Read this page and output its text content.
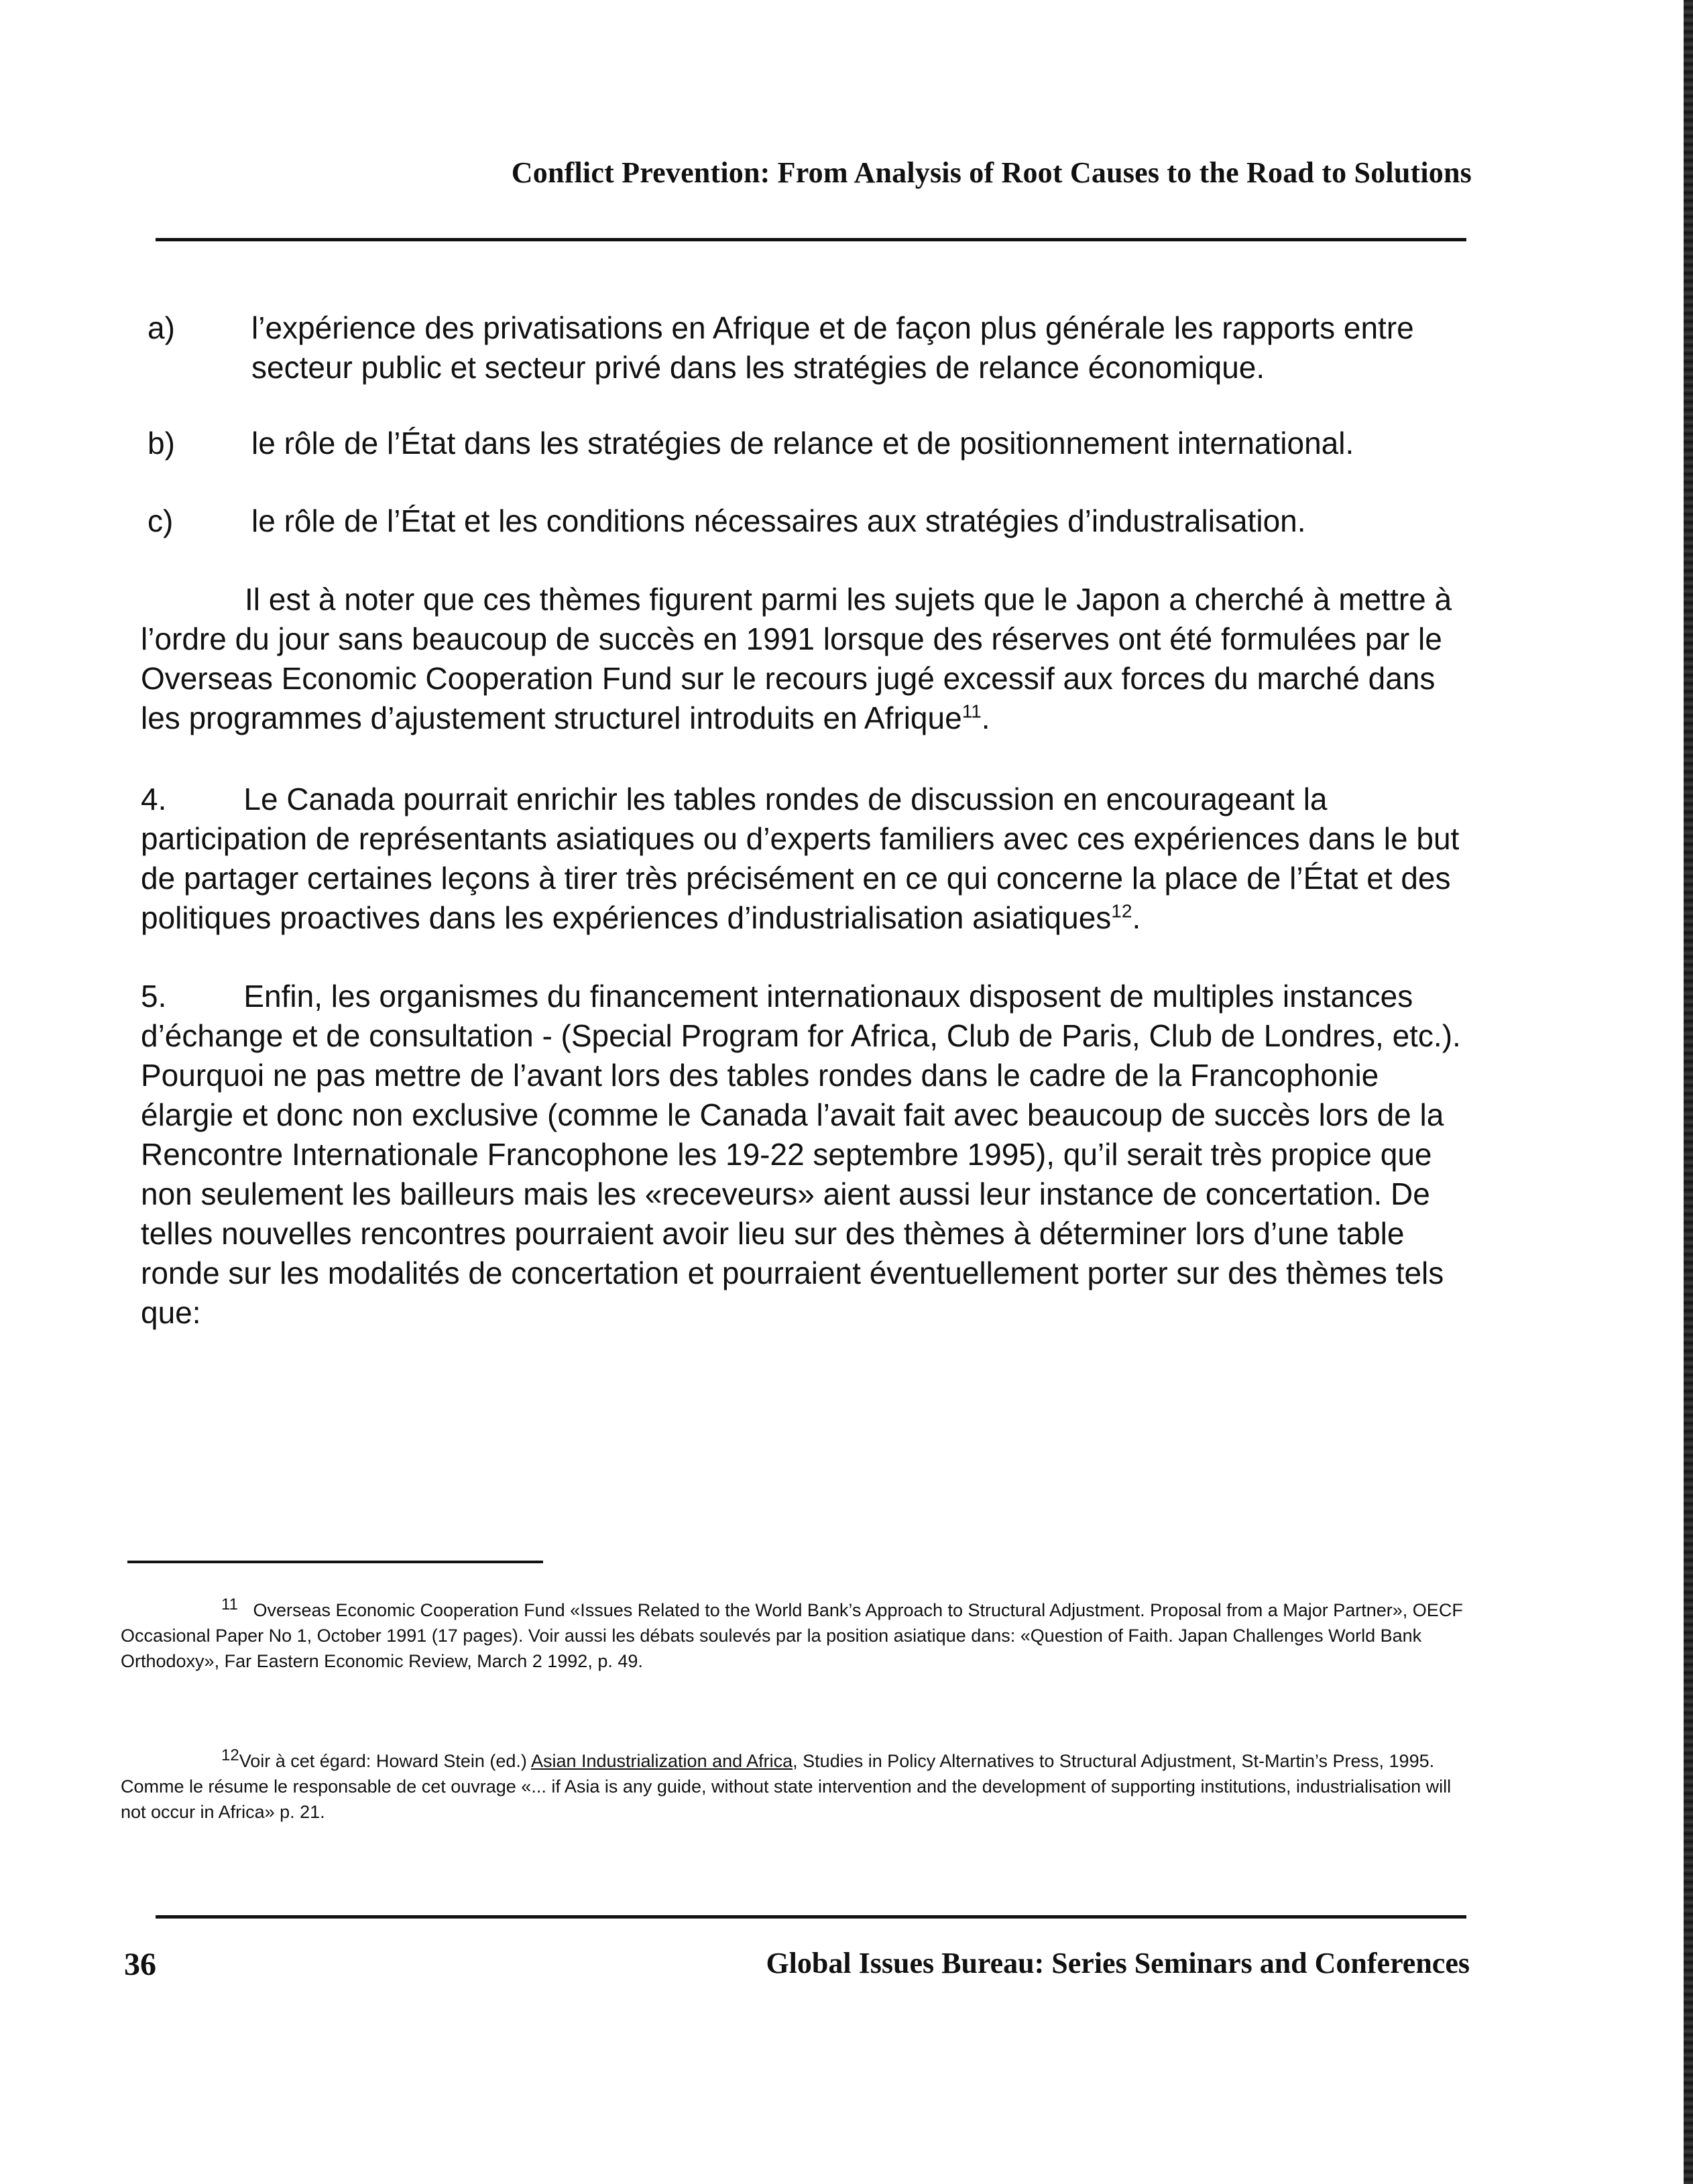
Conflict Prevention: From Analysis of Root Causes to the Road to Solutions
a)	l’expérience des privatisations en Afrique et de façon plus générale les rapports entre secteur public et secteur privé dans les stratégies de relance économique.
b)	le rôle de l’État dans les stratégies de relance et de positionnement international.
c)	le rôle de l’État et les conditions nécessaires aux stratégies d’industralisation.
Il est à noter que ces thèmes figurent parmi les sujets que le Japon a cherché à mettre à l’ordre du jour sans beaucoup de succès en 1991 lorsque des réserves ont été formulées par le Overseas Economic Cooperation Fund sur le recours jugé excessif aux forces du marché dans les programmes d’ajustement structurel introduits en Afrique$^{11}$.
4.	Le Canada pourrait enrichir les tables rondes de discussion en encourageant la participation de représentants asiatiques ou d’experts familiers avec ces expériences dans le but de partager certaines leçons à tirer très précisément en ce qui concerne la place de l’État et des politiques proactives dans les expériences d’industrialisation asiatiques$^{12}$.
5.	Enfin, les organismes du financement internationaux disposent de multiples instances d’échange et de consultation - (Special Program for Africa, Club de Paris, Club de Londres, etc.). Pourquoi ne pas mettre de l’avant lors des tables rondes dans le cadre de la Francophonie élargie et donc non exclusive (comme le Canada l’avait fait avec beaucoup de succès lors de la Rencontre Internationale Francophone les 19-22 septembre 1995), qu’il serait très propice que non seulement les bailleurs mais les «receveurs» aient aussi leur instance de concertation. De telles nouvelles rencontres pourraient avoir lieu sur des thèmes à déterminer lors d’une table ronde sur les modalités de concertation et pourraient éventuellement porter sur des thèmes tels que:
11 Overseas Economic Cooperation Fund «Issues Related to the World Bank’s Approach to Structural Adjustment. Proposal from a Major Partner», OECF Occasional Paper No 1, October 1991 (17 pages). Voir aussi les débats soulevés par la position asiatique dans: «Question of Faith. Japan Challenges World Bank Orthodoxy», Far Eastern Economic Review, March 2 1992, p. 49.
12Voir à cet égard: Howard Stein (ed.) Asian Industrialization and Africa, Studies in Policy Alternatives to Structural Adjustment, St-Martin’s Press, 1995. Comme le résume le responsable de cet ouvrage «... if Asia is any guide, without state intervention and the development of supporting institutions, industrialisation will not occur in Africa» p. 21.
36	Global Issues Bureau: Series Seminars and Conferences
